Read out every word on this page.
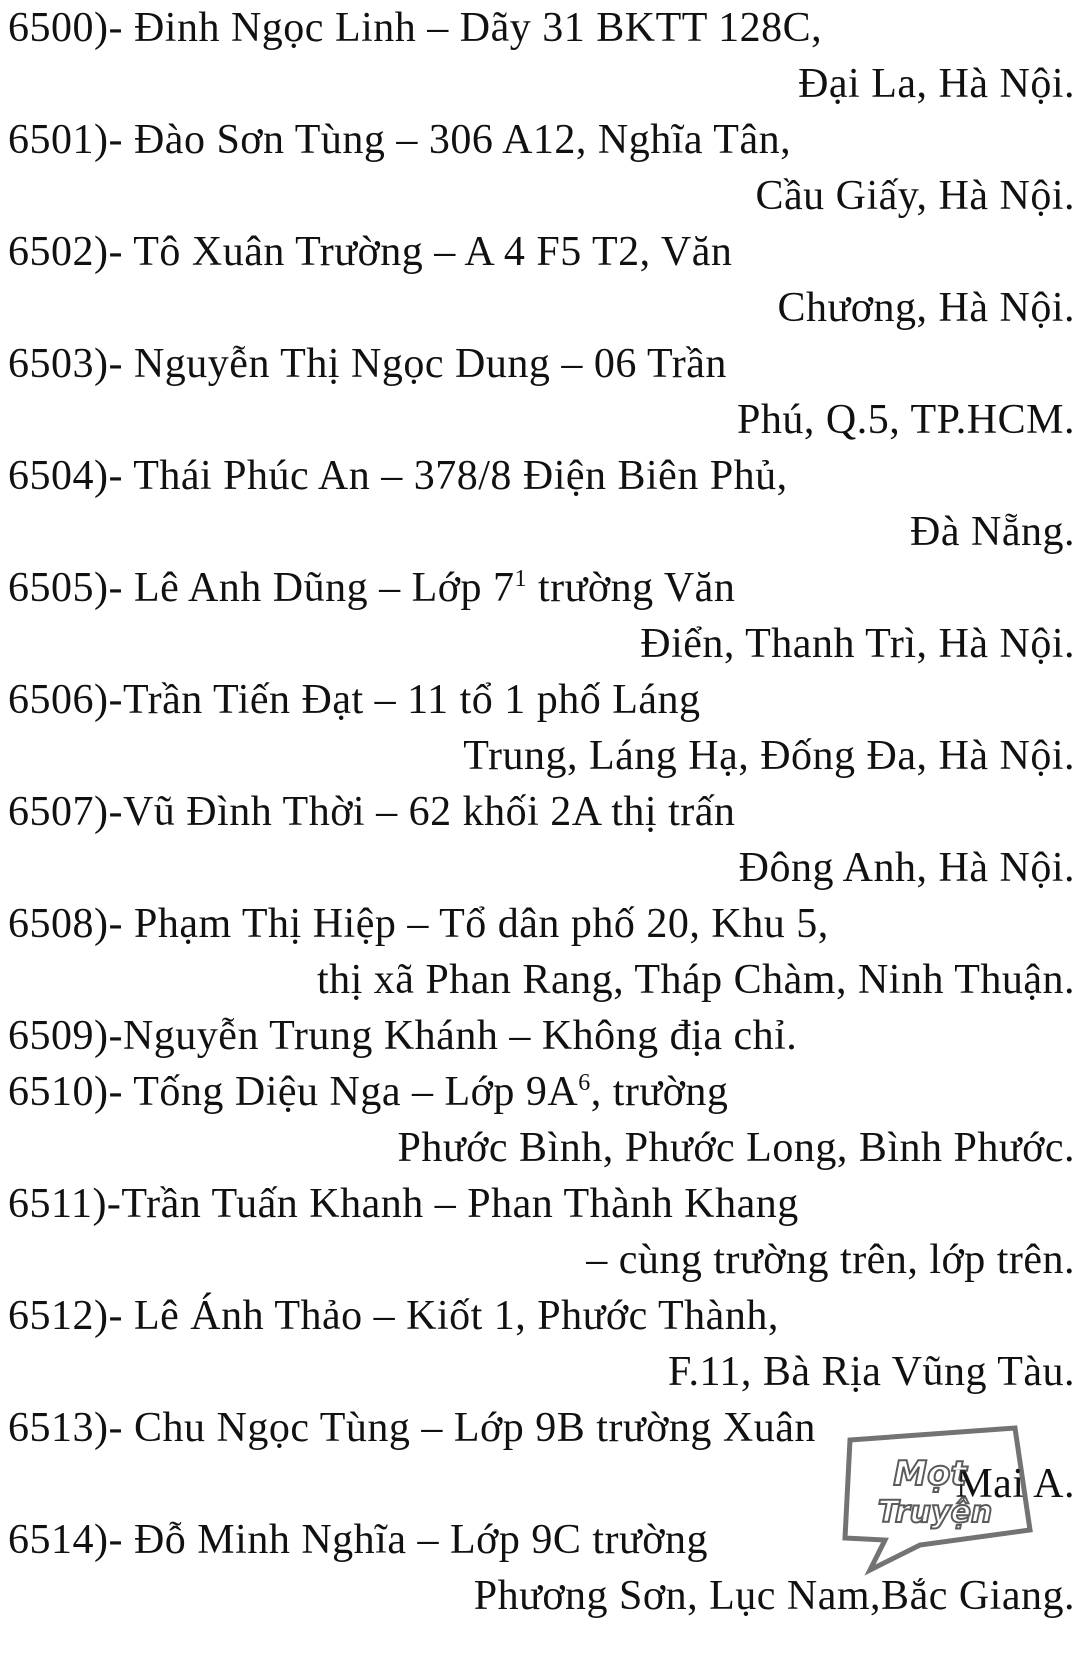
6500)- Đinh Ngọc Linh – Dãy 31 BKTT 128C,
Đại La, Hà Nội.
6501)- Đào Sơn Tùng – 306 A12, Nghĩa Tân,
Cầu Giấy, Hà Nội.
6502)- Tô Xuân Trường – A 4 F5 T2, Văn
Chương, Hà Nội.
6503)- Nguyễn Thị Ngọc Dung – 06 Trần
Phú, Q.5, TP.HCM.
6504)- Thái Phúc An – 378/8 Điện Biên Phủ,
Đà Nẵng.
6505)- Lê Anh Dũng – Lớp $7^1$ trường Văn
Điển, Thanh Trì, Hà Nội.
6506)-Trần Tiến Đạt – 11 tổ 1 phố Láng
Trung, Láng Hạ, Đống Đa, Hà Nội.
6507)-Vũ Đình Thời – 62 khối 2A thị trấn
Đông Anh, Hà Nội.
6508)- Phạm Thị Hiệp – Tổ dân phố 20, Khu 5,
thị xã Phan Rang, Tháp Chàm, Ninh Thuận.
6509)-Nguyễn Trung Khánh – Không địa chỉ.
6510)- Tống Diệu Nga – Lớp $9A^6$, trường
Phước Bình, Phước Long, Bình Phước.
6511)-Trần Tuấn Khanh – Phan Thành Khang
– cùng trường trên, lớp trên.
6512)- Lê Ánh Thảo – Kiốt 1, Phước Thành,
F.11, Bà Rịa Vũng Tàu.
6513)- Chu Ngọc Tùng – Lớp 9B trường Xuân
Mai A.
6514)- Đỗ Minh Nghĩa – Lớp 9C trường
Phương Sơn, Lục Nam,Bắc Giang.
Mọt
Truyện
